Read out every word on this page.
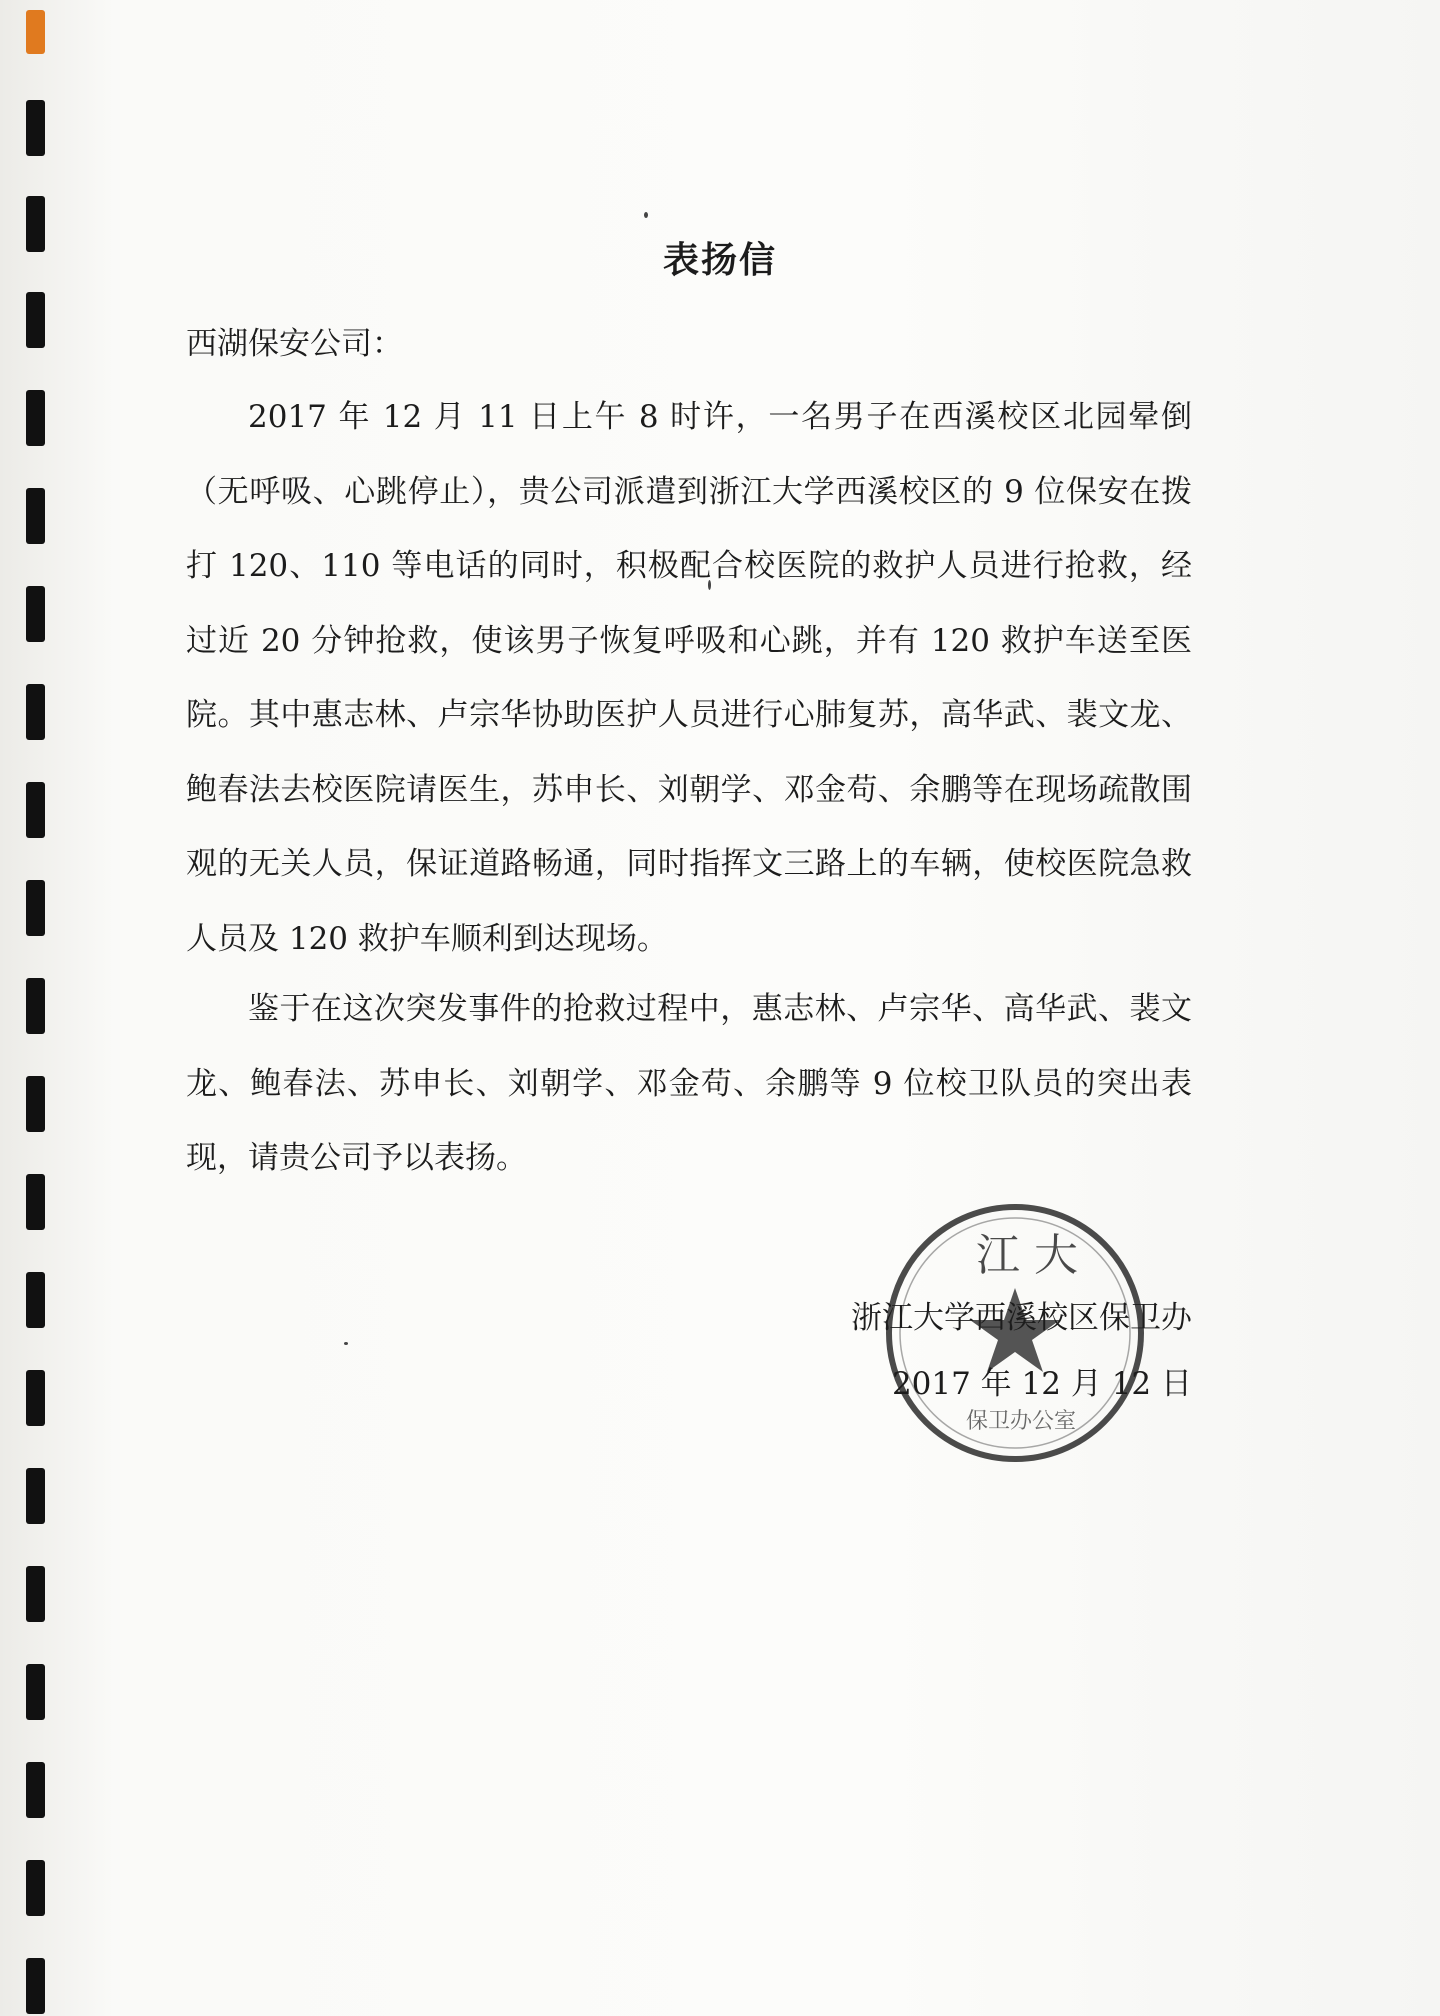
表扬信
西湖保安公司：
2017 年 12 月 11 日上午 8 时许，一名男子在西溪校区北园晕倒（无呼吸、心跳停止），贵公司派遣到浙江大学西溪校区的 9 位保安在拨打 120、110 等电话的同时，积极配合校医院的救护人员进行抢救，经过近 20 分钟抢救，使该男子恢复呼吸和心跳，并有 120 救护车送至医院。其中惠志林、卢宗华协助医护人员进行心肺复苏，高华武、裴文龙、鲍春法去校医院请医生，苏申长、刘朝学、邓金苟、余鹏等在现场疏散围观的无关人员，保证道路畅通，同时指挥文三路上的车辆，使校医院急救人员及 120 救护车顺利到达现场。
鉴于在这次突发事件的抢救过程中，惠志林、卢宗华、高华武、裴文龙、鲍春法、苏申长、刘朝学、邓金苟、余鹏等 9 位校卫队员的突出表现，请贵公司予以表扬。
江 大
保卫办公室
浙江大学西溪校区保卫办
2017 年 12 月 12 日
